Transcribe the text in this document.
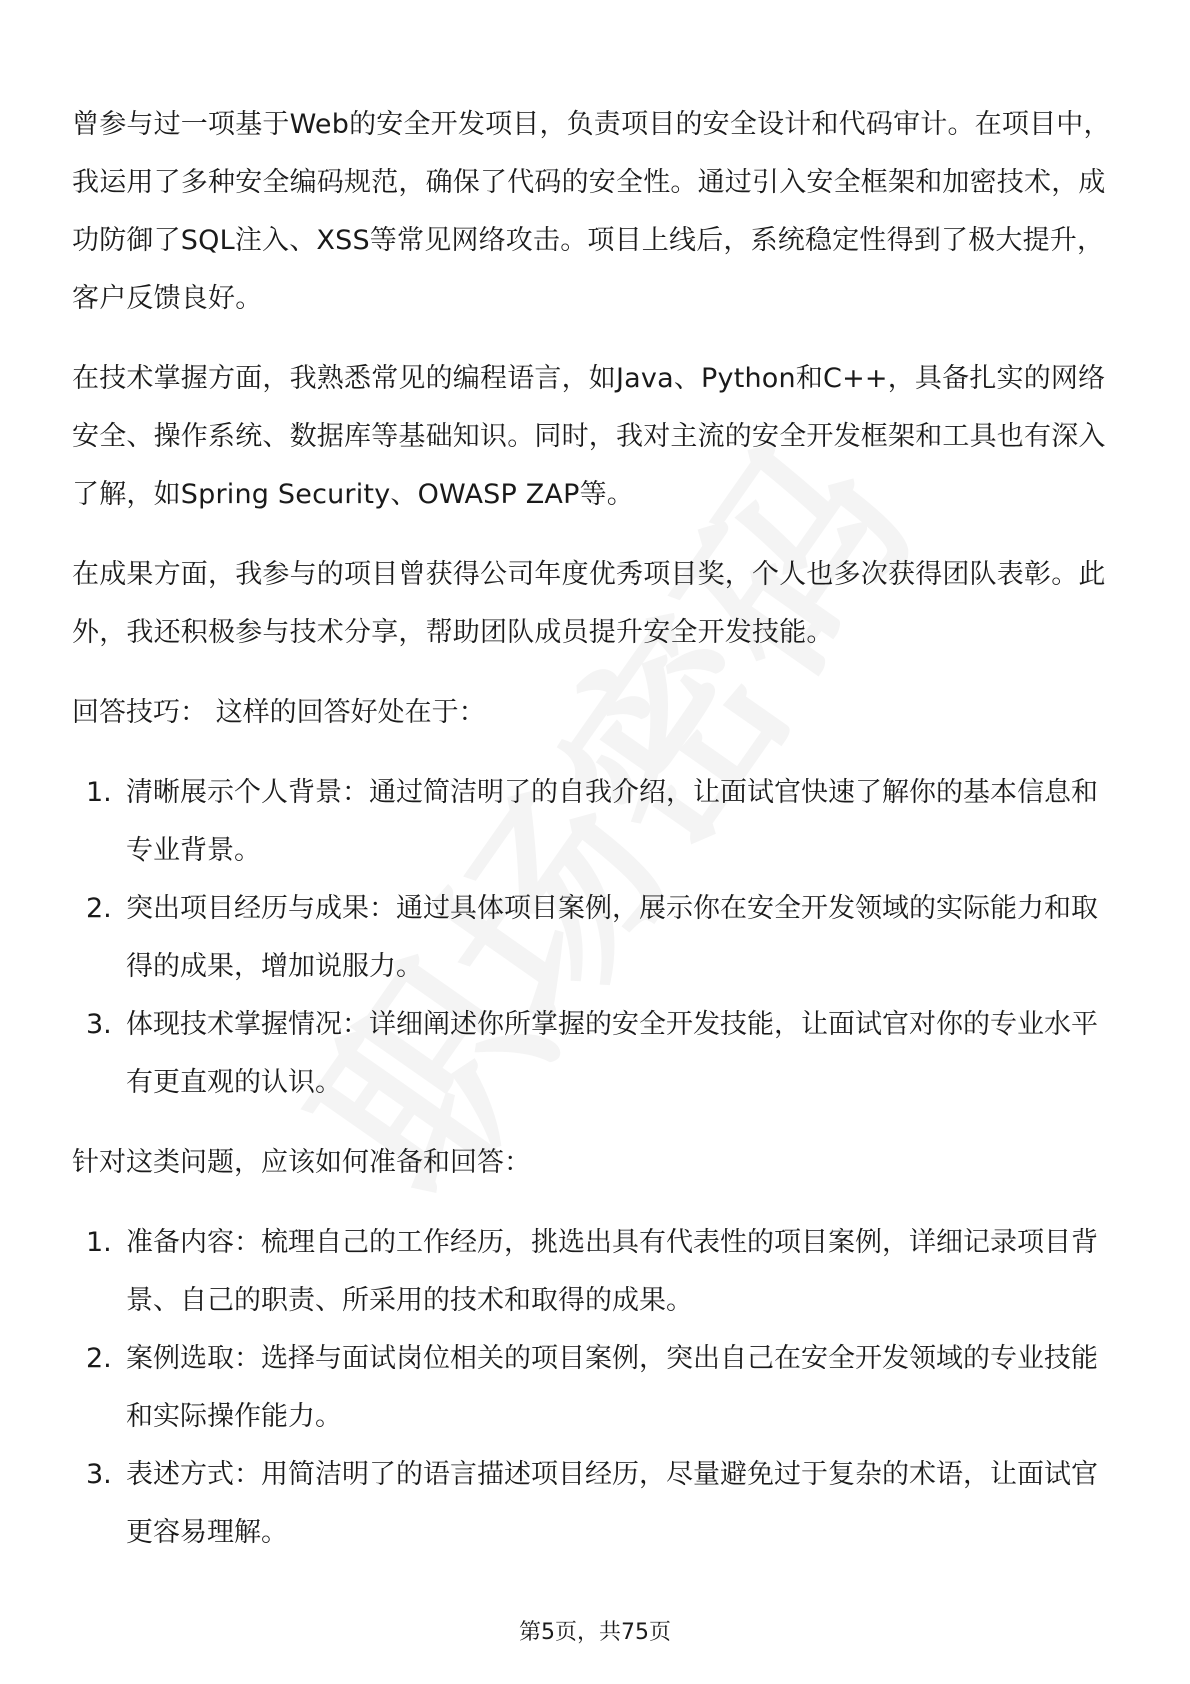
曾参与过一项基于Web的安全开发项目，负责项目的安全设计和代码审计。在项目中，我运用了多种安全编码规范，确保了代码的安全性。通过引入安全框架和加密技术，成功防御了SQL注入、XSS等常见网络攻击。项目上线后，系统稳定性得到了极大提升，客户反馈良好。

在技术掌握方面，我熟悉常见的编程语言，如Java、Python和C++，具备扎实的网络安全、操作系统、数据库等基础知识。同时，我对主流的安全开发框架和工具也有深入了解，如Spring Security、OWASP ZAP等。

在成果方面，我参与的项目曾获得公司年度优秀项目奖，个人也多次获得团队表彰。此外，我还积极参与技术分享，帮助团队成员提升安全开发技能。

回答技巧： 这样的回答好处在于：

1. 清晰展示个人背景：通过简洁明了的自我介绍，让面试官快速了解你的基本信息和专业背景。
2. 突出项目经历与成果：通过具体项目案例，展示你在安全开发领域的实际能力和取得的成果，增加说服力。
3. 体现技术掌握情况：详细阐述你所掌握的安全开发技能，让面试官对你的专业水平有更直观的认识。

针对这类问题，应该如何准备和回答：

1. 准备内容：梳理自己的工作经历，挑选出具有代表性的项目案例，详细记录项目背景、自己的职责、所采用的技术和取得的成果。
2. 案例选取：选择与面试岗位相关的项目案例，突出自己在安全开发领域的专业技能和实际操作能力。
3. 表述方式：用简洁明了的语言描述项目经历，尽量避免过于复杂的术语，让面试官更容易理解。
第5页，共75页
